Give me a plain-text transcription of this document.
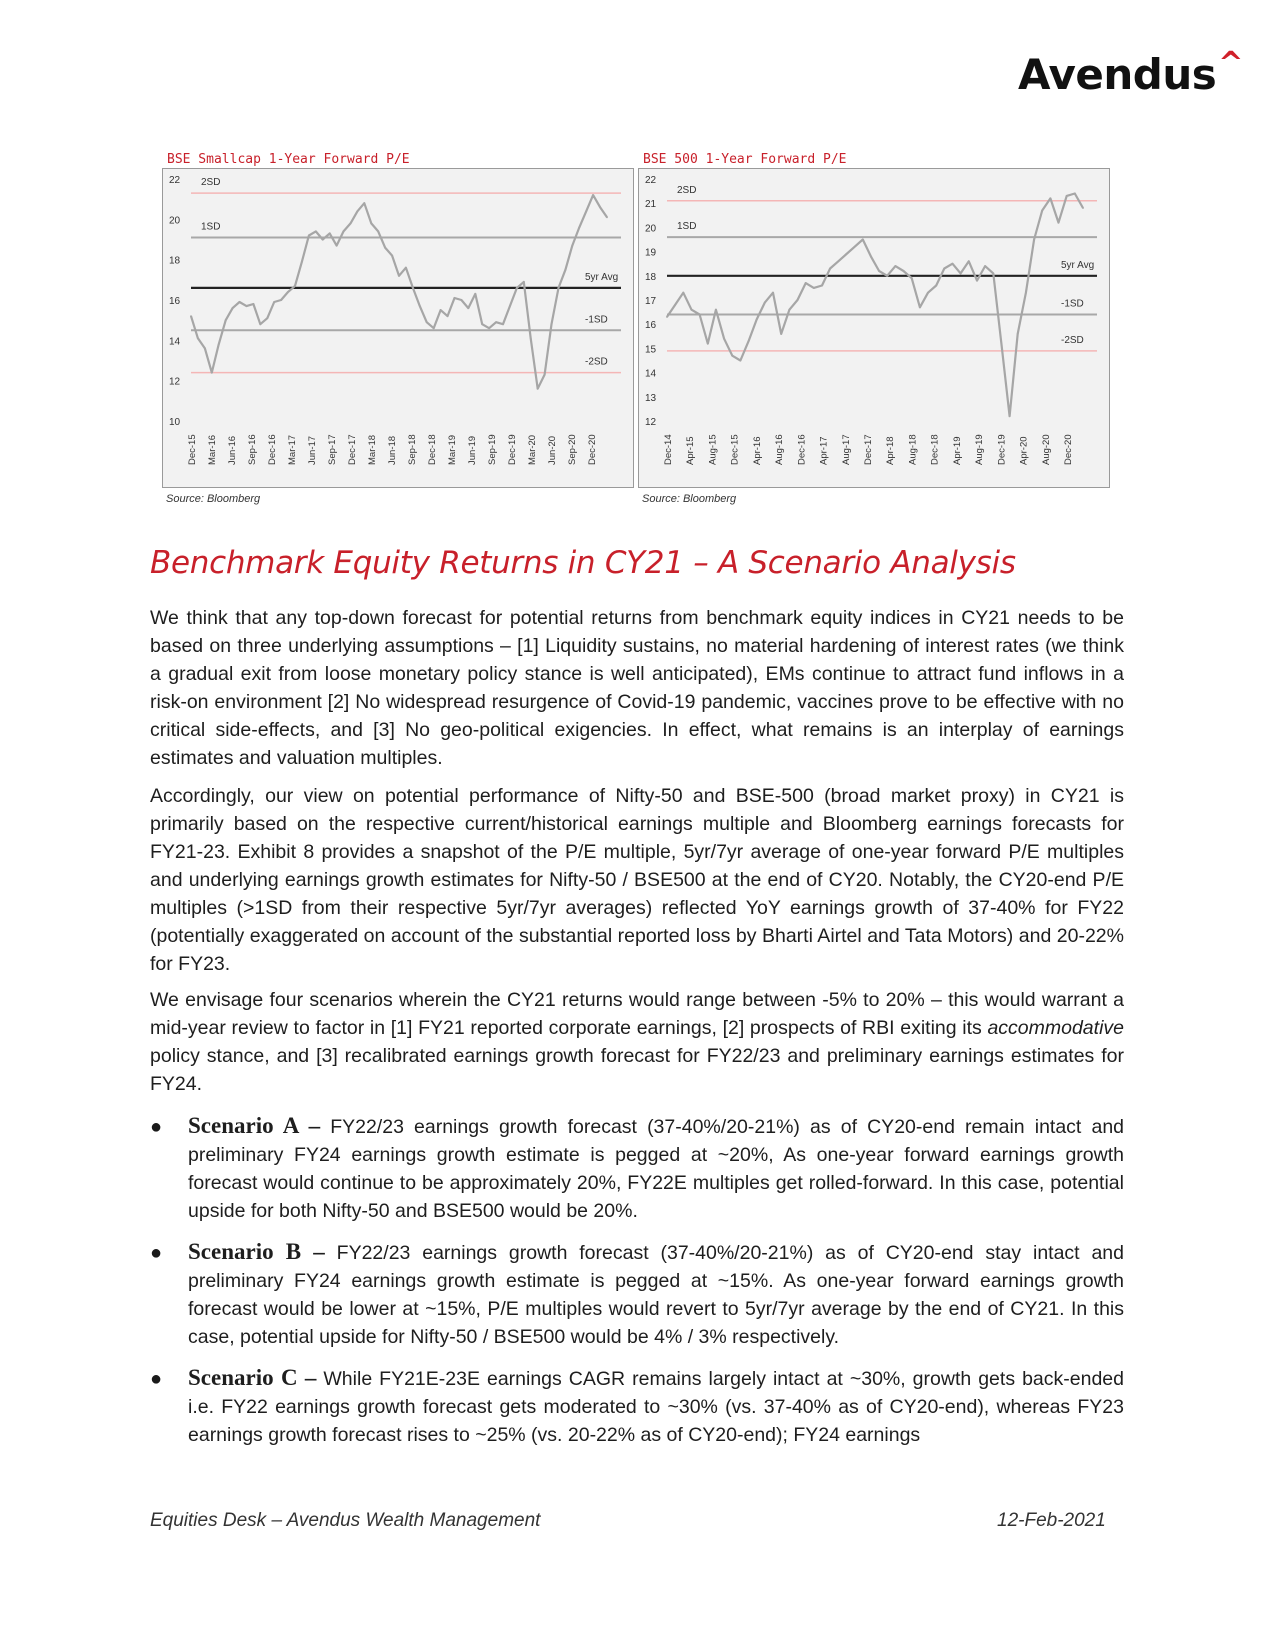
Avendus^
BSE Smallcap 1-Year Forward P/E
22
20
18
16
14
12
10
2SD
1SD
5yr Avg
-1SD
-2SD
Dec-15 Mar-16 Jun-16 Sep-16 Dec-16 Mar-17 Jun-17 Sep-17 Dec-17 Mar-18 Jun-18 Sep-18 Dec-18 Mar-19 Jun-19 Sep-19 Dec-19 Mar-20 Jun-20 Sep-20 Dec-20
Source: Bloomberg
BSE 500 1-Year Forward P/E
22
21
20
19
18
17
16
15
14
13
12
2SD
1SD
5yr Avg
-1SD
-2SD
Dec-14 Apr-15 Aug-15 Dec-15 Apr-16 Aug-16 Dec-16 Apr-17 Aug-17 Dec-17 Apr-18 Aug-18 Dec-18 Apr-19 Aug-19 Dec-19 Apr-20 Aug-20 Dec-20
Source: Bloomberg
Benchmark Equity Returns in CY21 – A Scenario Analysis
We think that any top-down forecast for potential returns from benchmark equity indices in CY21 needs to be based on three underlying assumptions – [1] Liquidity sustains, no material hardening of interest rates (we think a gradual exit from loose monetary policy stance is well anticipated), EMs continue to attract fund inflows in a risk-on environment [2] No widespread resurgence of Covid-19 pandemic, vaccines prove to be effective with no critical side-effects, and [3] No geo-political exigencies. In effect, what remains is an interplay of earnings estimates and valuation multiples.
Accordingly, our view on potential performance of Nifty-50 and BSE-500 (broad market proxy) in CY21 is primarily based on the respective current/historical earnings multiple and Bloomberg earnings forecasts for FY21-23. Exhibit 8 provides a snapshot of the P/E multiple, 5yr/7yr average of one-year forward P/E multiples and underlying earnings growth estimates for Nifty-50 / BSE500 at the end of CY20. Notably, the CY20-end P/E multiples (>1SD from their respective 5yr/7yr averages) reflected YoY earnings growth of 37-40% for FY22 (potentially exaggerated on account of the substantial reported loss by Bharti Airtel and Tata Motors) and 20-22% for FY23.
We envisage four scenarios wherein the CY21 returns would range between -5% to 20% – this would warrant a mid-year review to factor in [1] FY21 reported corporate earnings, [2] prospects of RBI exiting its accommodative policy stance, and [3] recalibrated earnings growth forecast for FY22/23 and preliminary earnings estimates for FY24.
● Scenario A – FY22/23 earnings growth forecast (37-40%/20-21%) as of CY20-end remain intact and preliminary FY24 earnings growth estimate is pegged at ~20%, As one-year forward earnings growth forecast would continue to be approximately 20%, FY22E multiples get rolled-forward. In this case, potential upside for both Nifty-50 and BSE500 would be 20%.
● Scenario B – FY22/23 earnings growth forecast (37-40%/20-21%) as of CY20-end stay intact and preliminary FY24 earnings growth estimate is pegged at ~15%. As one-year forward earnings growth forecast would be lower at ~15%, P/E multiples would revert to 5yr/7yr average by the end of CY21. In this case, potential upside for Nifty-50 / BSE500 would be 4% / 3% respectively.
● Scenario C – While FY21E-23E earnings CAGR remains largely intact at ~30%, growth gets back-ended i.e. FY22 earnings growth forecast gets moderated to ~30% (vs. 37-40% as of CY20-end), whereas FY23 earnings growth forecast rises to ~25% (vs. 20-22% as of CY20-end); FY24 earnings
Equities Desk – Avendus Wealth Management	12-Feb-2021
